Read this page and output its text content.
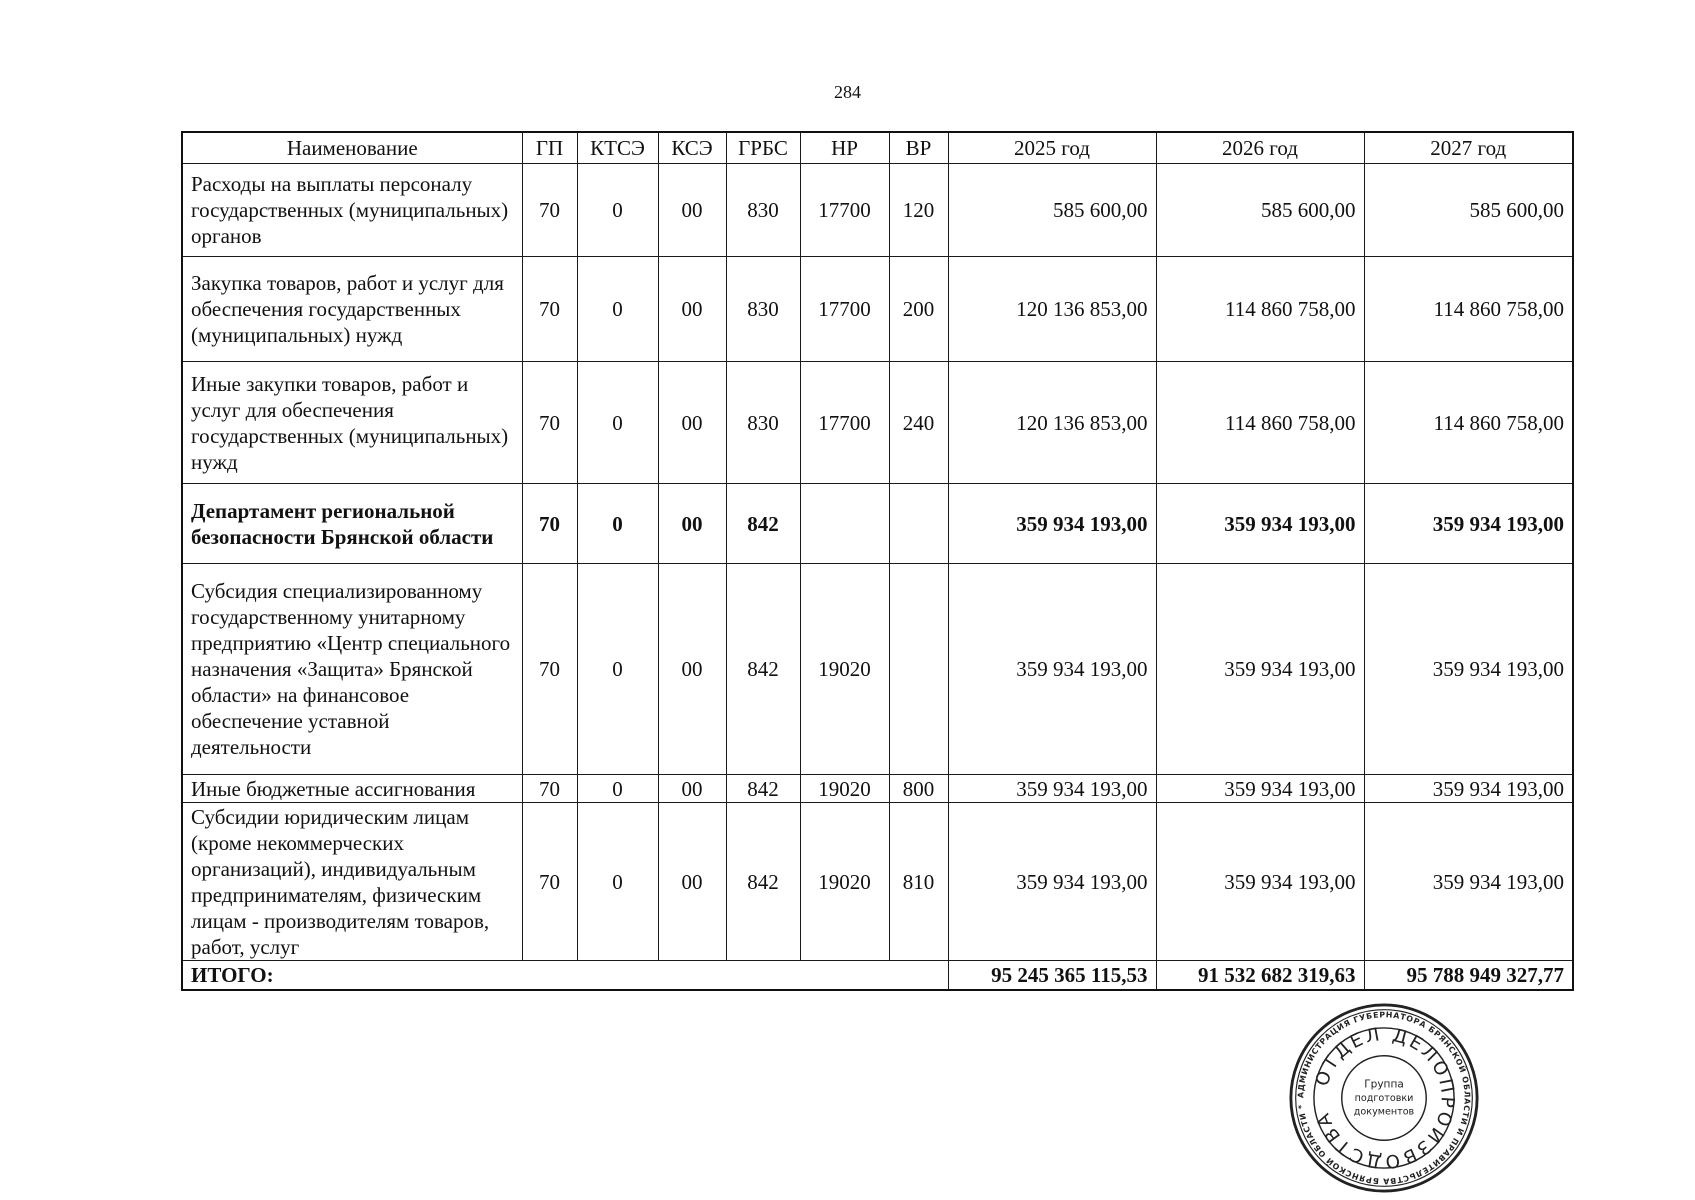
284
Наименование	ГП	КТСЭ	КСЭ	ГРБС	НР	ВР	2025 год	2026 год	2027 год
Расходы на выплаты персоналу государственных (муниципальных) органов	70	0	00	830	17700	120	585 600,00	585 600,00	585 600,00
Закупка товаров, работ и услуг для обеспечения государственных (муниципальных) нужд	70	0	00	830	17700	200	120 136 853,00	114 860 758,00	114 860 758,00
Иные закупки товаров, работ и услуг для обеспечения государственных (муниципальных) нужд	70	0	00	830	17700	240	120 136 853,00	114 860 758,00	114 860 758,00
Департамент региональной безопасности Брянской области	70	0	00	842			359 934 193,00	359 934 193,00	359 934 193,00
Субсидия специализированному государственному унитарному предприятию «Центр специального назначения «Защита» Брянской области» на финансовое обеспечение уставной деятельности	70	0	00	842	19020		359 934 193,00	359 934 193,00	359 934 193,00
Иные бюджетные ассигнования	70	0	00	842	19020	800	359 934 193,00	359 934 193,00	359 934 193,00
Субсидии юридическим лицам (кроме некоммерческих организаций), индивидуальным предпринимателям, физическим лицам - производителям товаров, работ, услуг	70	0	00	842	19020	810	359 934 193,00	359 934 193,00	359 934 193,00
ИТОГО:							95 245 365 115,53	91 532 682 319,63	95 788 949 327,77
АДМИНИСТРАЦИЯ ГУБЕРНАТОРА БРЯНСКОЙ ОБЛАСТИ И ПРАВИТЕЛЬСТВА БРЯНСКОЙ ОБЛАСТИ *
ОТДЕЛ ДЕЛОПРОИЗВОДСТВА
Группа
подготовки
документов
